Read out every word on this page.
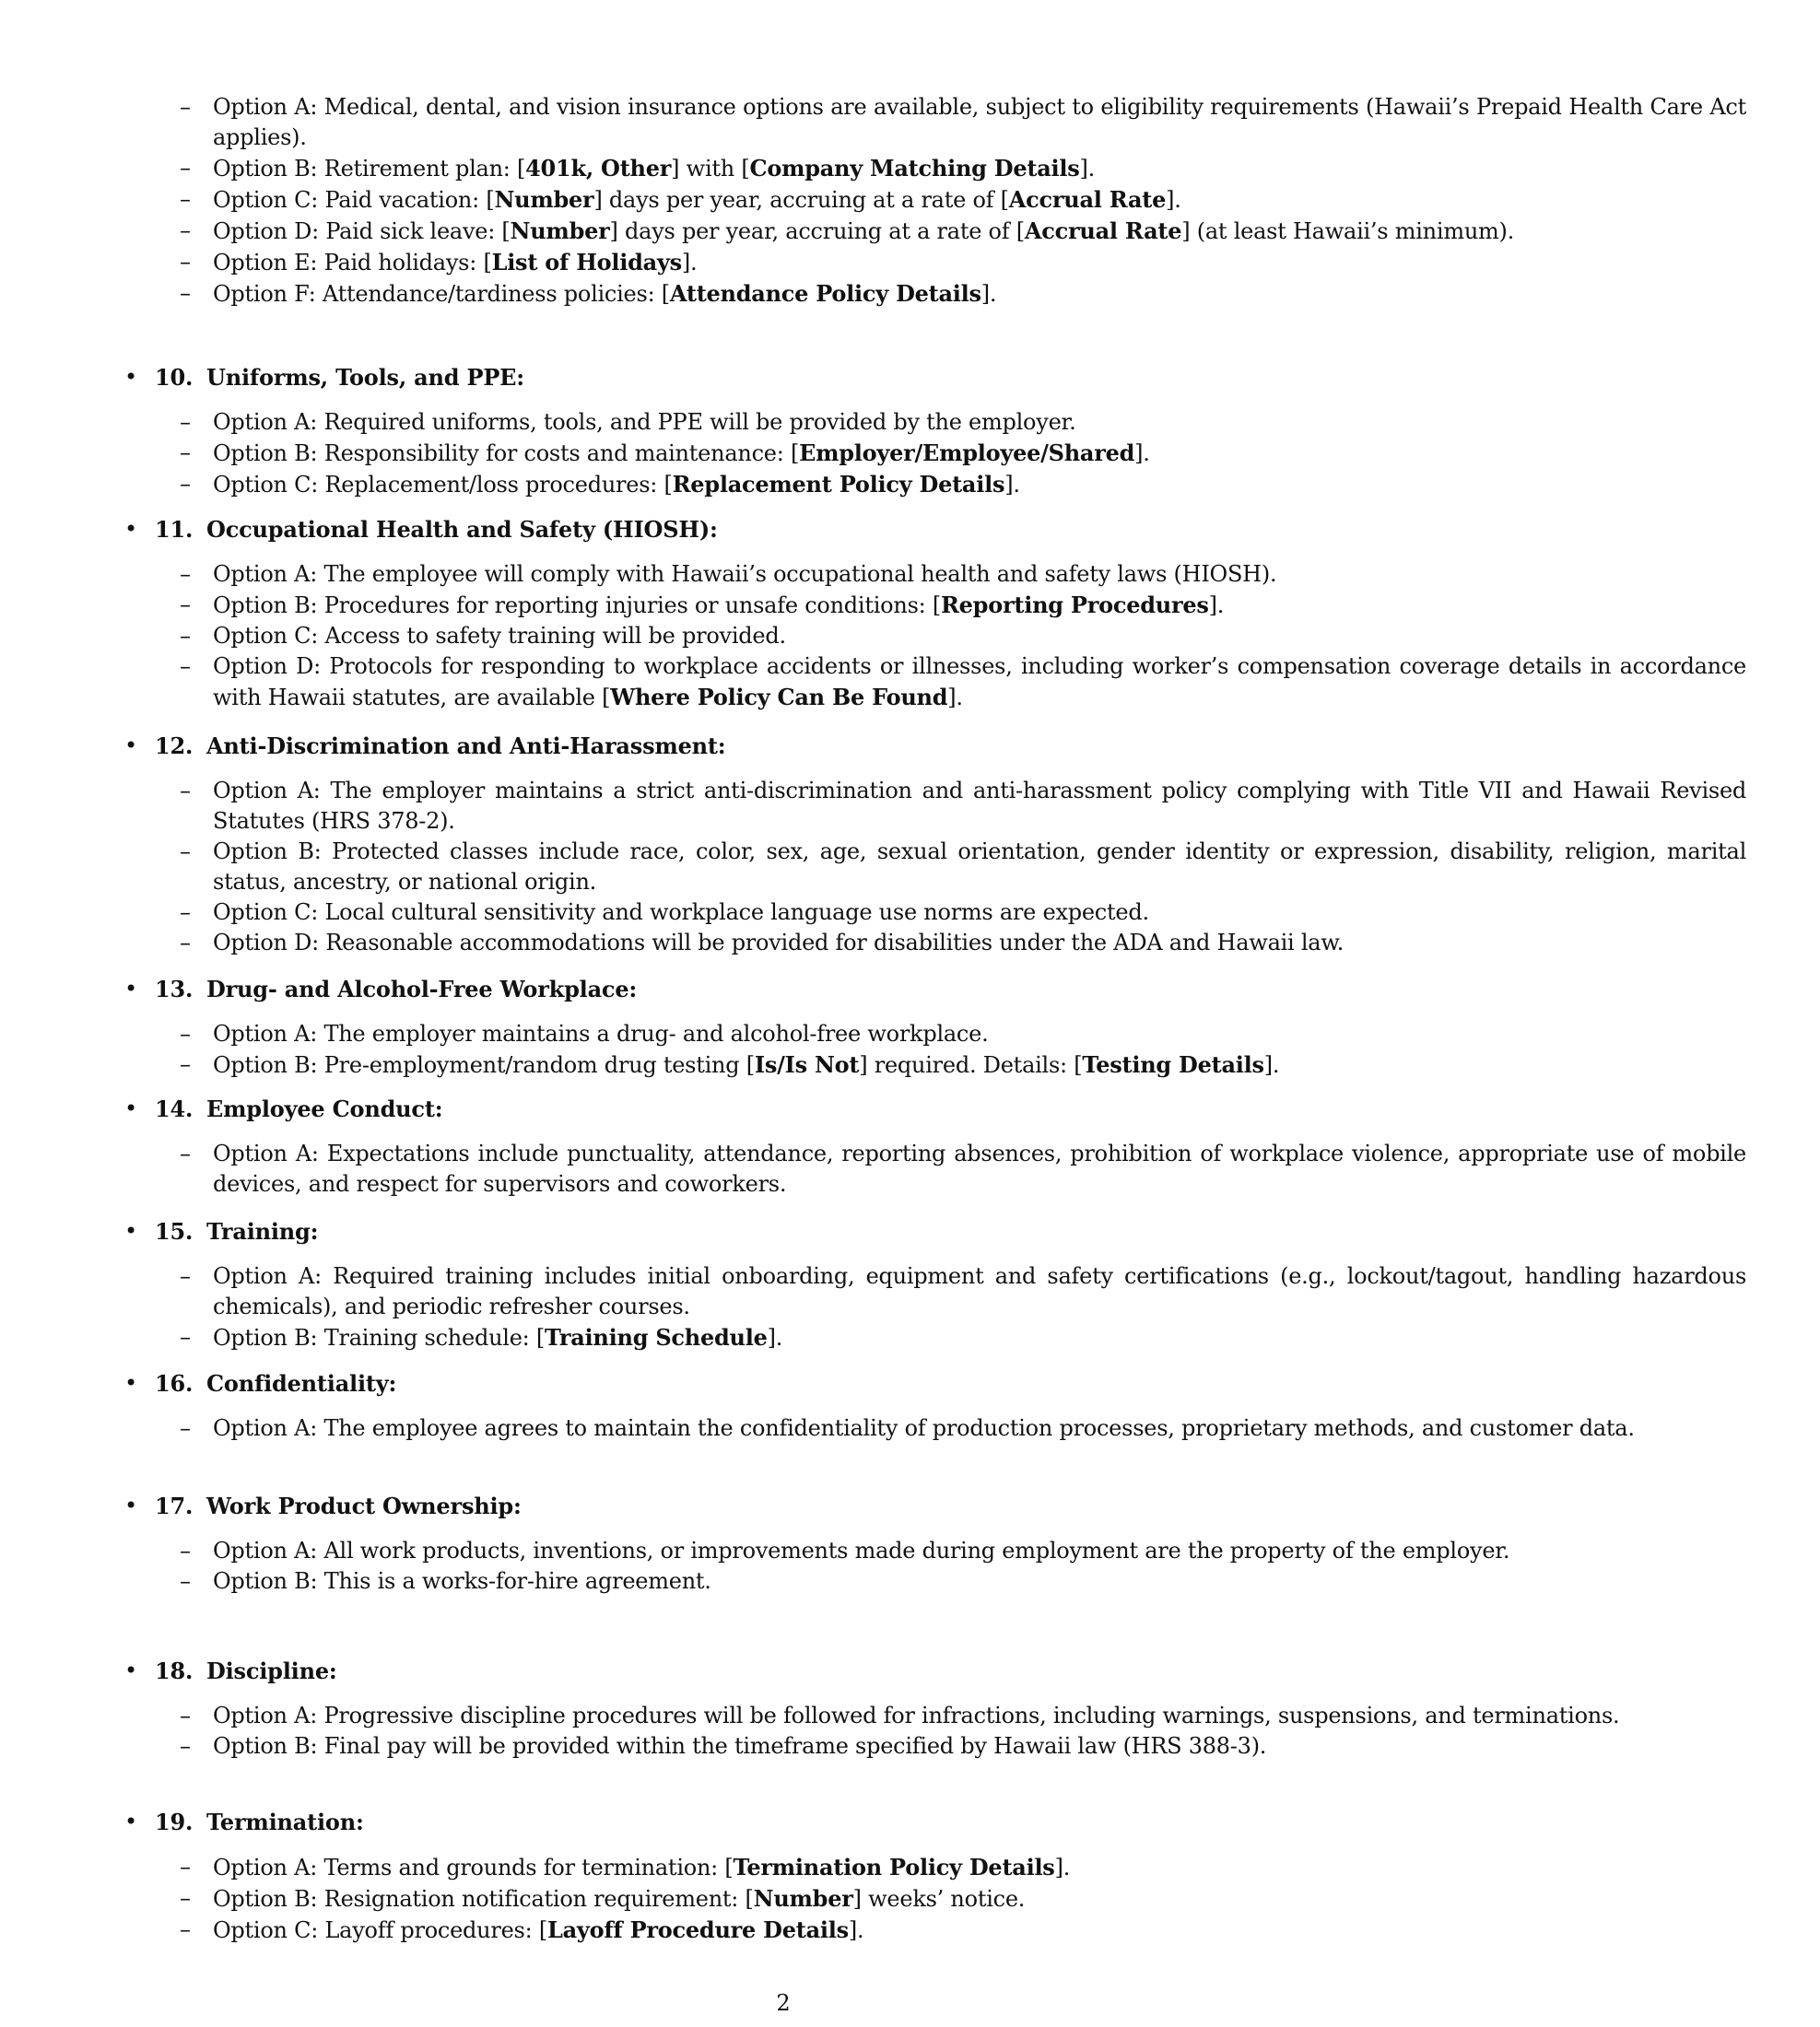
– Option A: Medical, dental, and vision insurance options are available, subject to eligibility requirements (Hawaii’s Prepaid Health Care Act applies).
– Option B: Retirement plan: [401k, Other] with [Company Matching Details].
– Option C: Paid vacation: [Number] days per year, accruing at a rate of [Accrual Rate].
– Option D: Paid sick leave: [Number] days per year, accruing at a rate of [Accrual Rate] (at least Hawaii’s minimum).
– Option E: Paid holidays: [List of Holidays].
– Option F: Attendance/tardiness policies: [Attendance Policy Details].
• 10. Uniforms, Tools, and PPE:
– Option A: Required uniforms, tools, and PPE will be provided by the employer.
– Option B: Responsibility for costs and maintenance: [Employer/Employee/Shared].
– Option C: Replacement/loss procedures: [Replacement Policy Details].
• 11. Occupational Health and Safety (HIOSH):
– Option A: The employee will comply with Hawaii’s occupational health and safety laws (HIOSH).
– Option B: Procedures for reporting injuries or unsafe conditions: [Reporting Procedures].
– Option C: Access to safety training will be provided.
– Option D: Protocols for responding to workplace accidents or illnesses, including worker’s compensation coverage details in accordance with Hawaii statutes, are available [Where Policy Can Be Found].
• 12. Anti-Discrimination and Anti-Harassment:
– Option A: The employer maintains a strict anti-discrimination and anti-harassment policy complying with Title VII and Hawaii Revised Statutes (HRS 378-2).
– Option B: Protected classes include race, color, sex, age, sexual orientation, gender identity or expression, disability, religion, marital status, ancestry, or national origin.
– Option C: Local cultural sensitivity and workplace language use norms are expected.
– Option D: Reasonable accommodations will be provided for disabilities under the ADA and Hawaii law.
• 13. Drug- and Alcohol-Free Workplace:
– Option A: The employer maintains a drug- and alcohol-free workplace.
– Option B: Pre-employment/random drug testing [Is/Is Not] required. Details: [Testing Details].
• 14. Employee Conduct:
– Option A: Expectations include punctuality, attendance, reporting absences, prohibition of workplace violence, appropriate use of mobile devices, and respect for supervisors and coworkers.
• 15. Training:
– Option A: Required training includes initial onboarding, equipment and safety certifications (e.g., lockout/tagout, handling hazardous chemicals), and periodic refresher courses.
– Option B: Training schedule: [Training Schedule].
• 16. Confidentiality:
– Option A: The employee agrees to maintain the confidentiality of production processes, proprietary methods, and customer data.
• 17. Work Product Ownership:
– Option A: All work products, inventions, or improvements made during employment are the property of the employer.
– Option B: This is a works-for-hire agreement.
• 18. Discipline:
– Option A: Progressive discipline procedures will be followed for infractions, including warnings, suspensions, and terminations.
– Option B: Final pay will be provided within the timeframe specified by Hawaii law (HRS 388-3).
• 19. Termination:
– Option A: Terms and grounds for termination: [Termination Policy Details].
– Option B: Resignation notification requirement: [Number] weeks’ notice.
– Option C: Layoff procedures: [Layoff Procedure Details].
2
